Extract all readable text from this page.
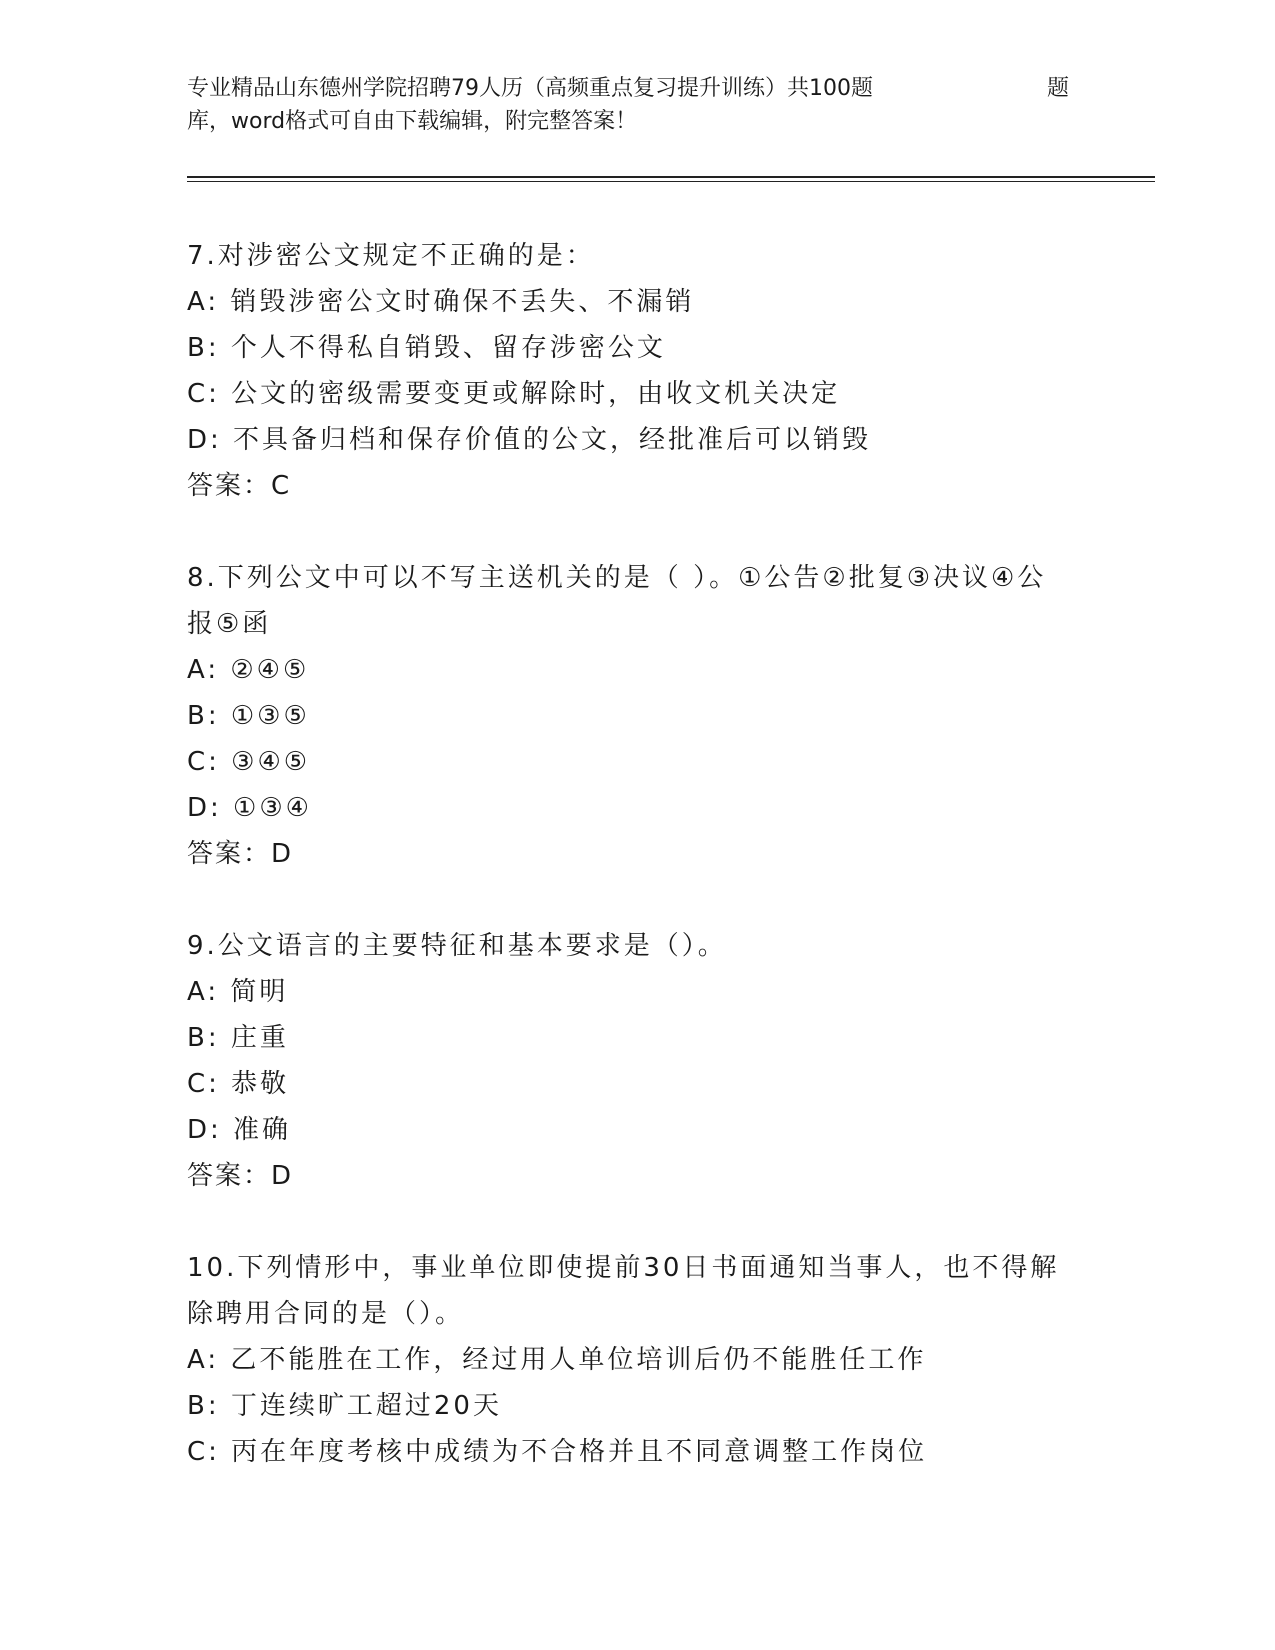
专业精品山东德州学院招聘79人历（高频重点复习提升训练）共100题	题
库，word格式可自由下载编辑，附完整答案！
7.对涉密公文规定不正确的是：
A: 销毁涉密公文时确保不丢失、不漏销
B: 个人不得私自销毁、留存涉密公文
C: 公文的密级需要变更或解除时，由收文机关决定
D: 不具备归档和保存价值的公文，经批准后可以销毁
答案：C
8.下列公文中可以不写主送机关的是（ ）。①公告②批复③决议④公报⑤函
A: ②④⑤
B: ①③⑤
C: ③④⑤
D: ①③④
答案：D
9.公文语言的主要特征和基本要求是（）。
A: 简明
B: 庄重
C: 恭敬
D: 准确
答案：D
10.下列情形中，事业单位即使提前30日书面通知当事人，也不得解除聘用合同的是（）。
A: 乙不能胜在工作，经过用人单位培训后仍不能胜任工作
B: 丁连续旷工超过20天
C: 丙在年度考核中成绩为不合格并且不同意调整工作岗位
